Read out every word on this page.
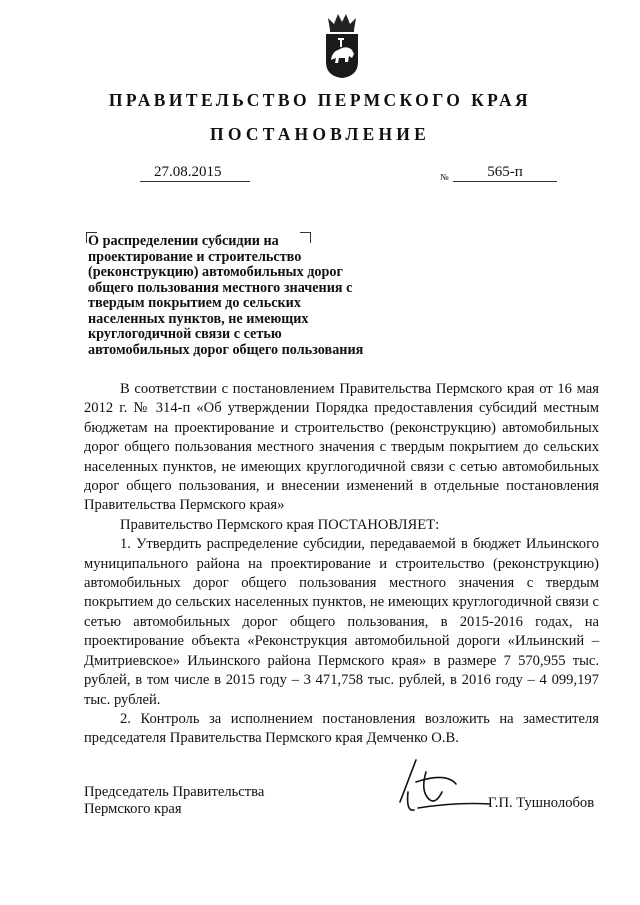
ПРАВИТЕЛЬСТВО ПЕРМСКОГО КРАЯ
ПОСТАНОВЛЕНИЕ
27.08.2015	№	565-п
О распределении субсидии на проектирование и строительство (реконструкцию) автомобильных дорог общего пользования местного значения с твердым покрытием до сельских населенных пунктов, не имеющих круглогодичной связи с сетью автомобильных дорог общего пользования

В соответствии с постановлением Правительства Пермского края от 16 мая 2012 г. № 314-п «Об утверждении Порядка предоставления субсидий местным бюджетам на проектирование и строительство (реконструкцию) автомобильных дорог общего пользования местного значения с твердым покрытием до сельских населенных пунктов, не имеющих круглогодичной связи с сетью автомобильных дорог общего пользования, и внесении изменений в отдельные постановления Правительства Пермского края»

Правительство Пермского края ПОСТАНОВЛЯЕТ:

1. Утвердить распределение субсидии, передаваемой в бюджет Ильинского муниципального района на проектирование и строительство (реконструкцию) автомобильных дорог общего пользования местного значения с твердым покрытием до сельских населенных пунктов, не имеющих круглогодичной связи с сетью автомобильных дорог общего пользования, в 2015-2016 годах, на проектирование объекта «Реконструкция автомобильной дороги «Ильинский – Дмитриевское» Ильинского района Пермского края» в размере 7 570,955 тыс. рублей, в том числе в 2015 году – 3 471,758 тыс. рублей, в 2016 году – 4 099,197 тыс. рублей.

2. Контроль за исполнением постановления возложить на заместителя председателя Правительства Пермского края Демченко О.В.

Председатель Правительства
Пермского края	Г.П. Тушнолобов
